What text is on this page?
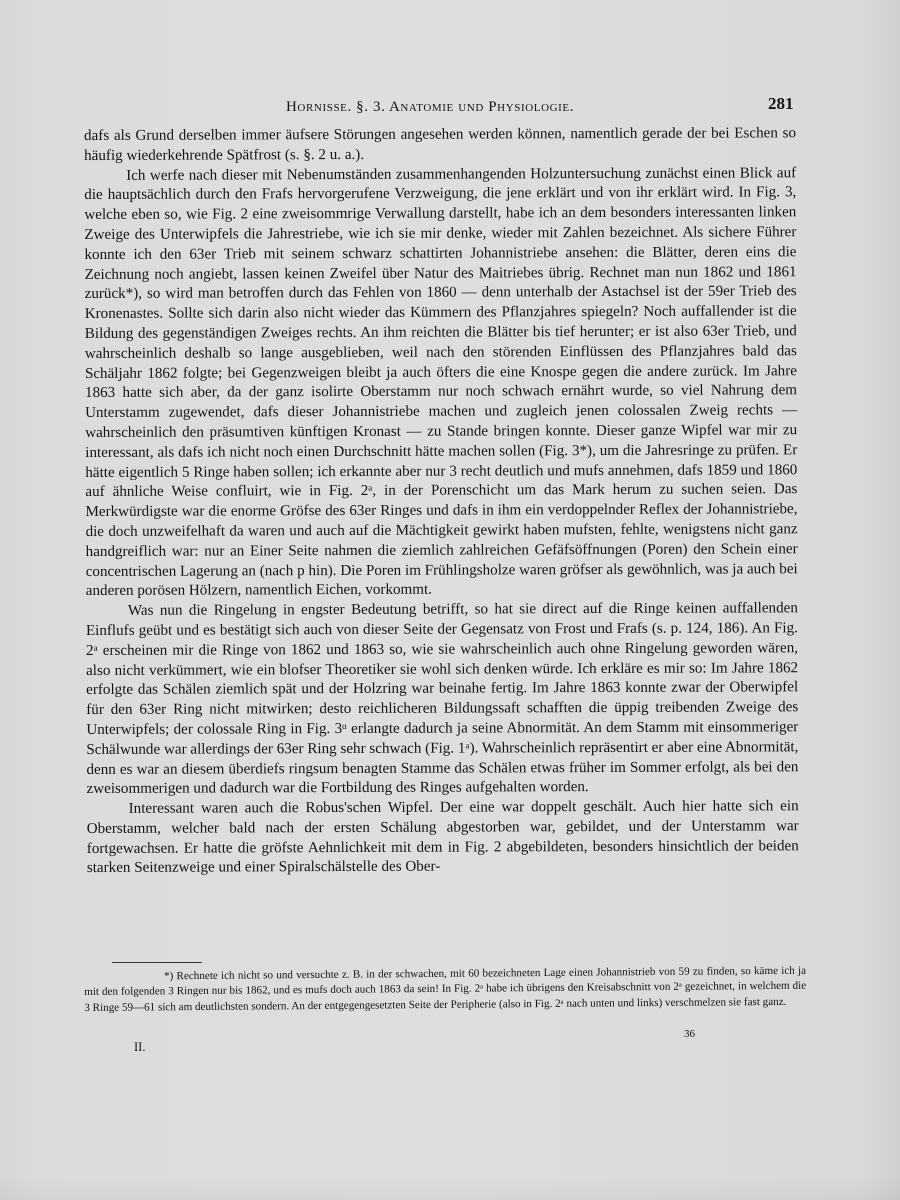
Hornisse. §. 3. Anatomie und Physiologie.	281

dafs als Grund derselben immer äufsere Störungen angesehen werden können, namentlich gerade der bei Eschen so häufig wiederkehrende Spätfrost (s. §. 2 u. a.).

Ich werfe nach dieser mit Nebenumständen zusammenhangenden Holzuntersuchung zunächst einen Blick auf die hauptsächlich durch den Frafs hervorgerufene Verzweigung, die jene erklärt und von ihr erklärt wird. In Fig. 3, welche eben so, wie Fig. 2 eine zweisommrige Verwallung darstellt, habe ich an dem besonders interessanten linken Zweige des Unterwipfels die Jahrestriebe, wie ich sie mir denke, wieder mit Zahlen bezeichnet. Als sichere Führer konnte ich den 63er Trieb mit seinem schwarz schattirten Johannistriebe ansehen: die Blätter, deren eins die Zeichnung noch angiebt, lassen keinen Zweifel über Natur des Maitriebes übrig. Rechnet man nun 1862 und 1861 zurück*), so wird man betroffen durch das Fehlen von 1860 — denn unterhalb der Astachsel ist der 59er Trieb des Kronenastes. Sollte sich darin also nicht wieder das Kümmern des Pflanzjahres spiegeln? Noch auffallender ist die Bildung des gegenständigen Zweiges rechts. An ihm reichten die Blätter bis tief herunter; er ist also 63er Trieb, und wahrscheinlich deshalb so lange ausgeblieben, weil nach den störenden Einflüssen des Pflanzjahres bald das Schäljahr 1862 folgte; bei Gegenzweigen bleibt ja auch öfters die eine Knospe gegen die andere zurück. Im Jahre 1863 hatte sich aber, da der ganz isolirte Oberstamm nur noch schwach ernährt wurde, so viel Nahrung dem Unterstamm zugewendet, dafs dieser Johannistriebe machen und zugleich jenen colossalen Zweig rechts — wahrscheinlich den präsumtiven künftigen Kronast — zu Stande bringen konnte. Dieser ganze Wipfel war mir zu interessant, als dafs ich nicht noch einen Durchschnitt hätte machen sollen (Fig. 3*), um die Jahresringe zu prüfen. Er hätte eigentlich 5 Ringe haben sollen; ich erkannte aber nur 3 recht deutlich und mufs annehmen, dafs 1859 und 1860 auf ähnliche Weise confluirt, wie in Fig. 2ᵃ, in der Porenschicht um das Mark herum zu suchen seien. Das Merkwürdigste war die enorme Gröfse des 63er Ringes und dafs in ihm ein verdoppelnder Reflex der Johannistriebe, die doch unzweifelhaft da waren und auch auf die Mächtigkeit gewirkt haben mufsten, fehlte, wenigstens nicht ganz handgreiflich war: nur an Einer Seite nahmen die ziemlich zahlreichen Gefäfsöffnungen (Poren) den Schein einer concentrischen Lagerung an (nach p hin). Die Poren im Frühlingsholze waren gröfser als gewöhnlich, was ja auch bei anderen porösen Hölzern, namentlich Eichen, vorkommt.

Was nun die Ringelung in engster Bedeutung betrifft, so hat sie direct auf die Ringe keinen auffallenden Einflufs geübt und es bestätigt sich auch von dieser Seite der Gegensatz von Frost und Frafs (s. p. 124, 186). An Fig. 2ᵃ erscheinen mir die Ringe von 1862 und 1863 so, wie sie wahrscheinlich auch ohne Ringelung geworden wären, also nicht verkümmert, wie ein blofser Theoretiker sie wohl sich denken würde. Ich erkläre es mir so: Im Jahre 1862 erfolgte das Schälen ziemlich spät und der Holzring war beinahe fertig. Im Jahre 1863 konnte zwar der Oberwipfel für den 63er Ring nicht mitwirken; desto reichlicheren Bildungssaft schafften die üppig treibenden Zweige des Unterwipfels; der colossale Ring in Fig. 3ᵅ erlangte dadurch ja seine Abnormität. An dem Stamm mit einsommeriger Schälwunde war allerdings der 63er Ring sehr schwach (Fig. 1ᵃ). Wahrscheinlich repräsentirt er aber eine Abnormität, denn es war an diesem überdiefs ringsum benagten Stamme das Schälen etwas früher im Sommer erfolgt, als bei den zweisommerigen und dadurch war die Fortbildung des Ringes aufgehalten worden.

Interessant waren auch die Robus'schen Wipfel. Der eine war doppelt geschält. Auch hier hatte sich ein Oberstamm, welcher bald nach der ersten Schälung abgestorben war, gebildet, und der Unterstamm war fortgewachsen. Er hatte die gröfste Aehnlichkeit mit dem in Fig. 2 abgebildeten, besonders hinsichtlich der beiden starken Seitenzweige und einer Spiralschälstelle des Ober-

*) Rechnete ich nicht so und versuchte z. B. in der schwachen, mit 60 bezeichneten Lage einen Johannistrieb von 59 zu finden, so käme ich ja mit den folgenden 3 Ringen nur bis 1862, und es mufs doch auch 1863 da sein! In Fig. 2ᵃ habe ich übrigens den Kreisabschnitt von 2ᵃ gezeichnet, in welchem die 3 Ringe 59—61 sich am deutlichsten sondern. An der entgegengesetzten Seite der Peripherie (also in Fig. 2ᵃ nach unten und links) verschmelzen sie fast ganz.

36
II.
